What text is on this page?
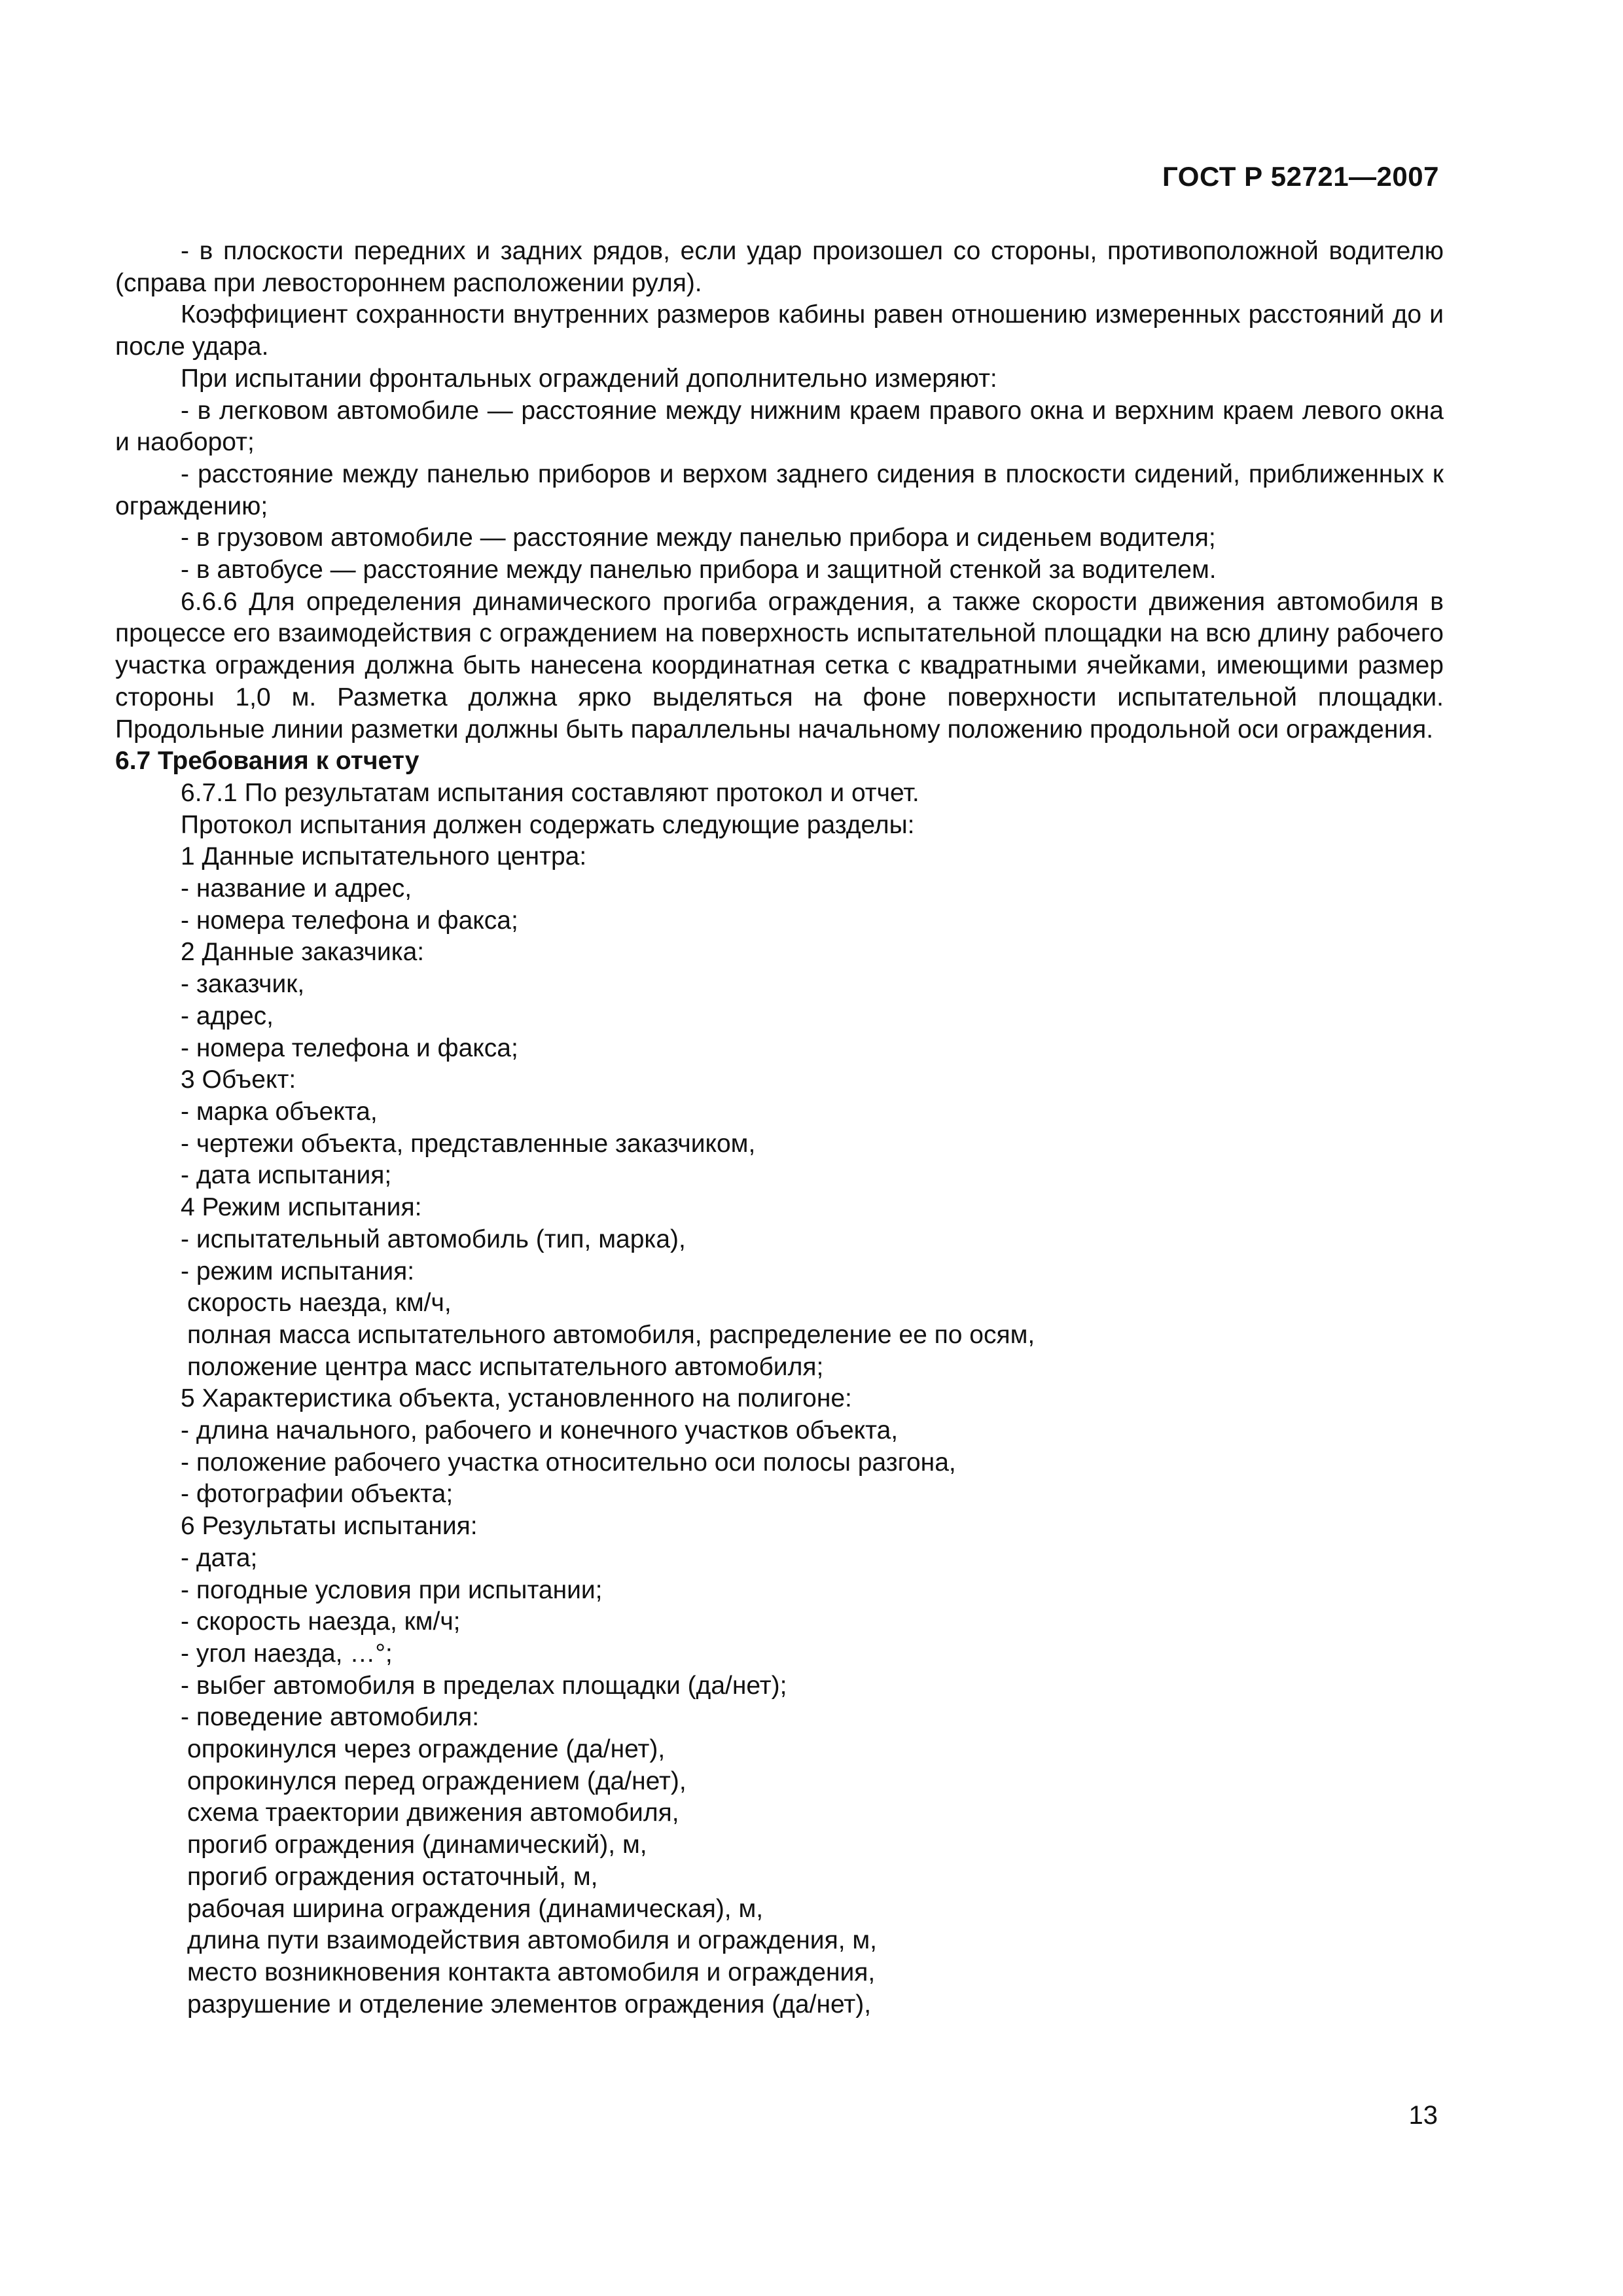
ГОСТ Р 52721—2007

- в плоскости передних и задних рядов, если удар произошел со стороны, противоположной водителю (справа при левостороннем расположении руля).

Коэффициент сохранности внутренних размеров кабины равен отношению измеренных расстояний до и после удара.

При испытании фронтальных ограждений дополнительно измеряют:

- в легковом автомобиле — расстояние между нижним краем правого окна и верхним краем левого окна и наоборот;

- расстояние между панелью приборов и верхом заднего сидения в плоскости сидений, приближенных к ограждению;

- в грузовом автомобиле — расстояние между панелью прибора и сиденьем водителя;

- в автобусе — расстояние между панелью прибора и защитной стенкой за водителем.

6.6.6 Для определения динамического прогиба ограждения, а также скорости движения автомобиля в процессе его взаимодействия с ограждением на поверхность испытательной площадки на всю длину рабочего участка ограждения должна быть нанесена координатная сетка с квадратными ячейками, имеющими размер стороны 1,0 м. Разметка должна ярко выделяться на фоне поверхности испытательной площадки. Продольные линии разметки должны быть параллельны начальному положению продольной оси ограждения.

6.7 Требования к отчету

6.7.1 По результатам испытания составляют протокол и отчет.

Протокол испытания должен содержать следующие разделы:

1 Данные испытательного центра:

- название и адрес,

- номера телефона и факса;

2 Данные заказчика:

- заказчик,

- адрес,

- номера телефона и факса;

3 Объект:

- марка объекта,

- чертежи объекта, представленные заказчиком,

- дата испытания;

4 Режим испытания:

- испытательный автомобиль (тип, марка),

- режим испытания:

скорость наезда, км/ч,

полная масса испытательного автомобиля, распределение ее по осям,

положение центра масс испытательного автомобиля;

5 Характеристика объекта, установленного на полигоне:

- длина начального, рабочего и конечного участков объекта,

- положение рабочего участка относительно оси полосы разгона,

- фотографии объекта;

6 Результаты испытания:

- дата;

- погодные условия при испытании;

- скорость наезда, км/ч;

- угол наезда, …°;

- выбег автомобиля в пределах площадки (да/нет);

- поведение автомобиля:

опрокинулся через ограждение (да/нет),

опрокинулся перед ограждением (да/нет),

схема траектории движения автомобиля,

прогиб ограждения (динамический), м,

прогиб ограждения остаточный, м,

рабочая ширина ограждения (динамическая), м,

длина пути взаимодействия автомобиля и ограждения, м,

место возникновения контакта автомобиля и ограждения,

разрушение и отделение элементов ограждения (да/нет),

13
